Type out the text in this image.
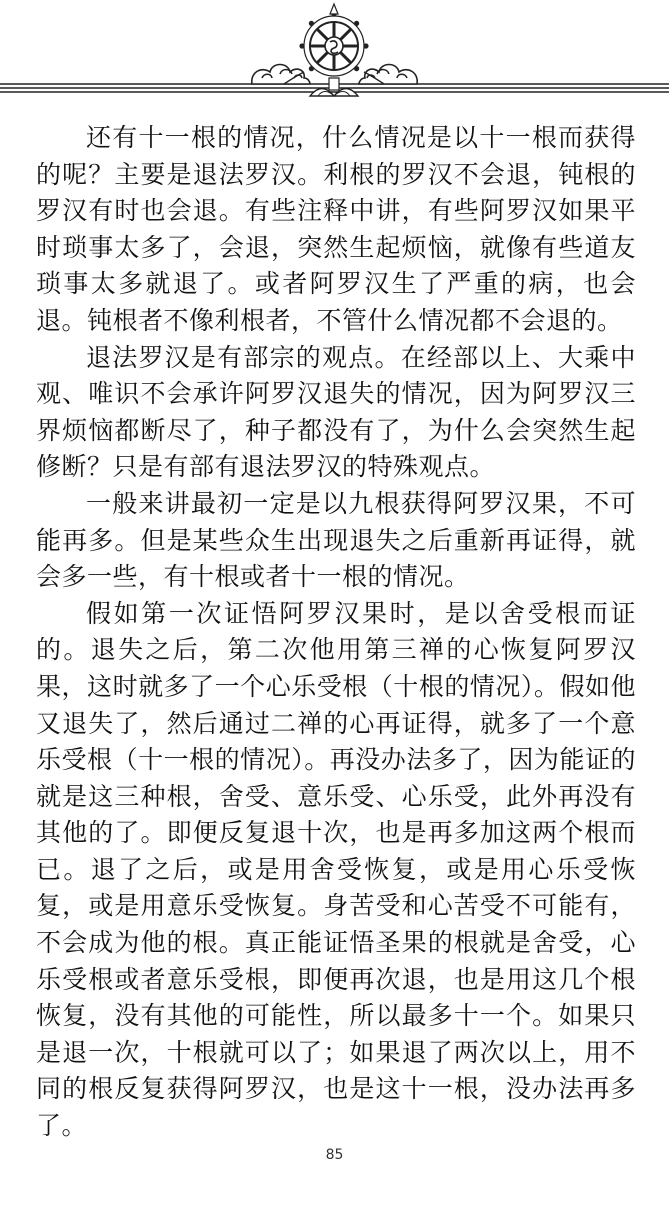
还有十一根的情况，什么情况是以十一根而获得的呢？主要是退法罗汉。利根的罗汉不会退，钝根的罗汉有时也会退。有些注释中讲，有些阿罗汉如果平时琐事太多了，会退，突然生起烦恼，就像有些道友琐事太多就退了。或者阿罗汉生了严重的病，也会退。钝根者不像利根者，不管什么情况都不会退的。

退法罗汉是有部宗的观点。在经部以上、大乘中观、唯识不会承许阿罗汉退失的情况，因为阿罗汉三界烦恼都断尽了，种子都没有了，为什么会突然生起修断？只是有部有退法罗汉的特殊观点。

一般来讲最初一定是以九根获得阿罗汉果，不可能再多。但是某些众生出现退失之后重新再证得，就会多一些，有十根或者十一根的情况。

假如第一次证悟阿罗汉果时，是以舍受根而证的。退失之后，第二次他用第三禅的心恢复阿罗汉果，这时就多了一个心乐受根（十根的情况）。假如他又退失了，然后通过二禅的心再证得，就多了一个意乐受根（十一根的情况）。再没办法多了，因为能证的就是这三种根，舍受、意乐受、心乐受，此外再没有其他的了。即便反复退十次，也是再多加这两个根而已。退了之后，或是用舍受恢复，或是用心乐受恢复，或是用意乐受恢复。身苦受和心苦受不可能有，不会成为他的根。真正能证悟圣果的根就是舍受，心乐受根或者意乐受根，即便再次退，也是用这几个根恢复，没有其他的可能性，所以最多十一个。如果只是退一次，十根就可以了；如果退了两次以上，用不同的根反复获得阿罗汉，也是这十一根，没办法再多了。

85
